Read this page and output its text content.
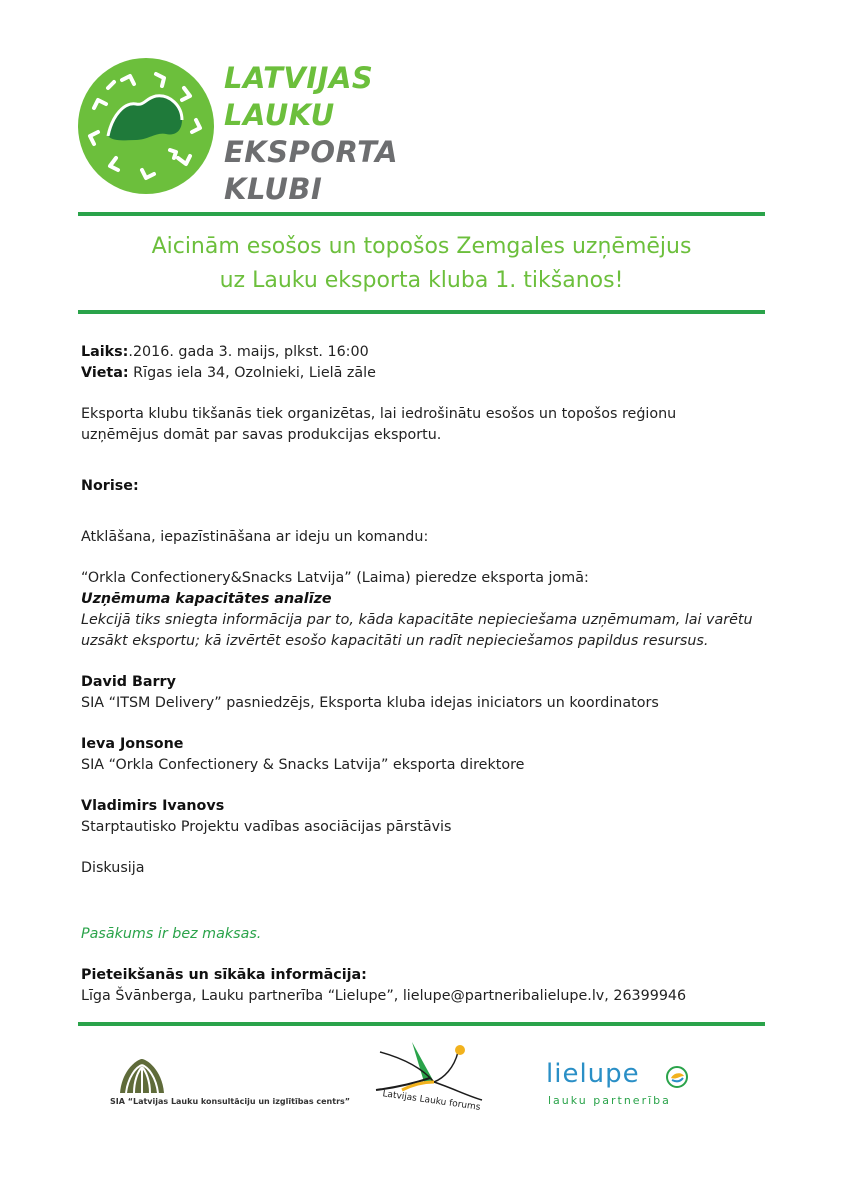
LATVIJAS
LAUKU
EKSPORTA
KLUBI
Aicinām esošos un topošos Zemgales uzņēmējus
uz Lauku eksporta kluba 1. tikšanos!

Laiks:.2016. gada 3. maijs, plkst. 16:00

Vieta: Rīgas iela 34, Ozolnieki, Lielā zāle

Eksporta klubu tikšanās tiek organizētas, lai iedrošinātu esošos un topošos reģionu

uzņēmējus domāt par savas produkcijas eksportu.

Norise:

Atklāšana, iepazīstināšana ar ideju un komandu:

“Orkla Confectionery&Snacks Latvija” (Laima) pieredze eksporta jomā:

Uzņēmuma kapacitātes analīze

Lekcijā tiks sniegta informācija par to, kāda kapacitāte nepieciešama uzņēmumam, lai varētu

uzsākt eksportu; kā izvērtēt esošo kapacitāti un radīt nepieciešamos papildus resursus.

David Barry

SIA “ITSM Delivery” pasniedzējs, Eksporta kluba idejas iniciators un koordinators

Ieva Jonsone

SIA “Orkla Confectionery & Snacks Latvija” eksporta direktore

Vladimirs Ivanovs

Starptautisko Projektu vadības asociācijas pārstāvis

Diskusija

Pasākums ir bez maksas.

Pieteikšanās un sīkāka informācija:

Līga Švānberga, Lauku partnerība “Lielupe”, lielupe@partneribalielupe.lv, 26399946

SIA “Latvijas Lauku konsultāciju un izglītības centrs”	Latvijas Lauku forums
lielupe
lauku partnerība
